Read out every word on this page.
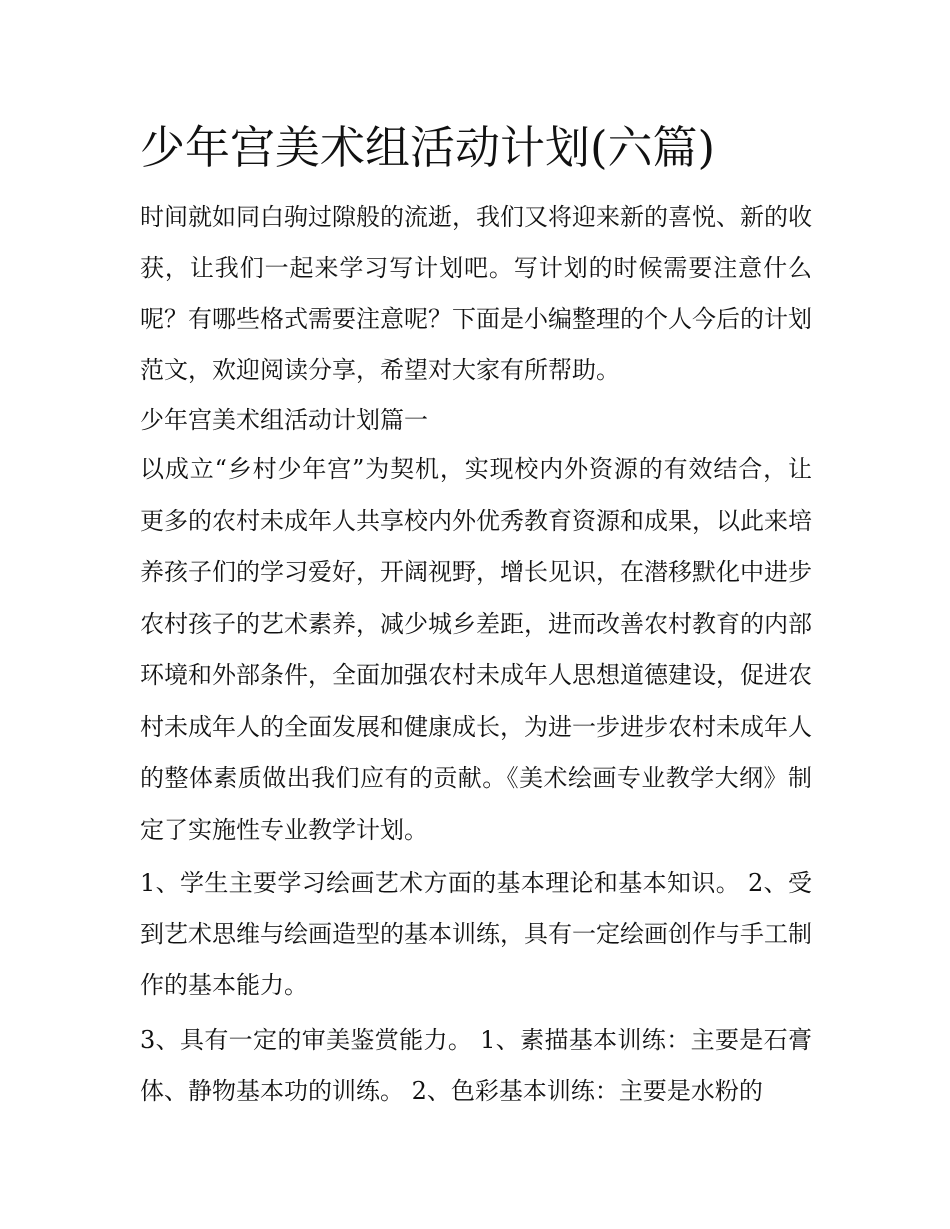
少年宫美术组活动计划(六篇)

时间就如同白驹过隙般的流逝，我们又将迎来新的喜悦、新的收获，让我们一起来学习写计划吧。写计划的时候需要注意什么呢？有哪些格式需要注意呢？下面是小编整理的个人今后的计划范文，欢迎阅读分享，希望对大家有所帮助。

少年宫美术组活动计划篇一

以成立“乡村少年宫”为契机，实现校内外资源的有效结合，让更多的农村未成年人共享校内外优秀教育资源和成果，以此来培养孩子们的学习爱好，开阔视野，增长见识，在潜移默化中进步农村孩子的艺术素养，减少城乡差距，进而改善农村教育的内部环境和外部条件，全面加强农村未成年人思想道德建设，促进农村未成年人的全面发展和健康成长，为进一步进步农村未成年人的整体素质做出我们应有的贡献。《美术绘画专业教学大纲》制定了实施性专业教学计划。

1、学生主要学习绘画艺术方面的基本理论和基本知识。 2、受到艺术思维与绘画造型的基本训练，具有一定绘画创作与手工制作的基本能力。

3、具有一定的审美鉴赏能力。 1、素描基本训练：主要是石膏体、静物基本功的训练。 2、色彩基本训练：主要是水粉的
